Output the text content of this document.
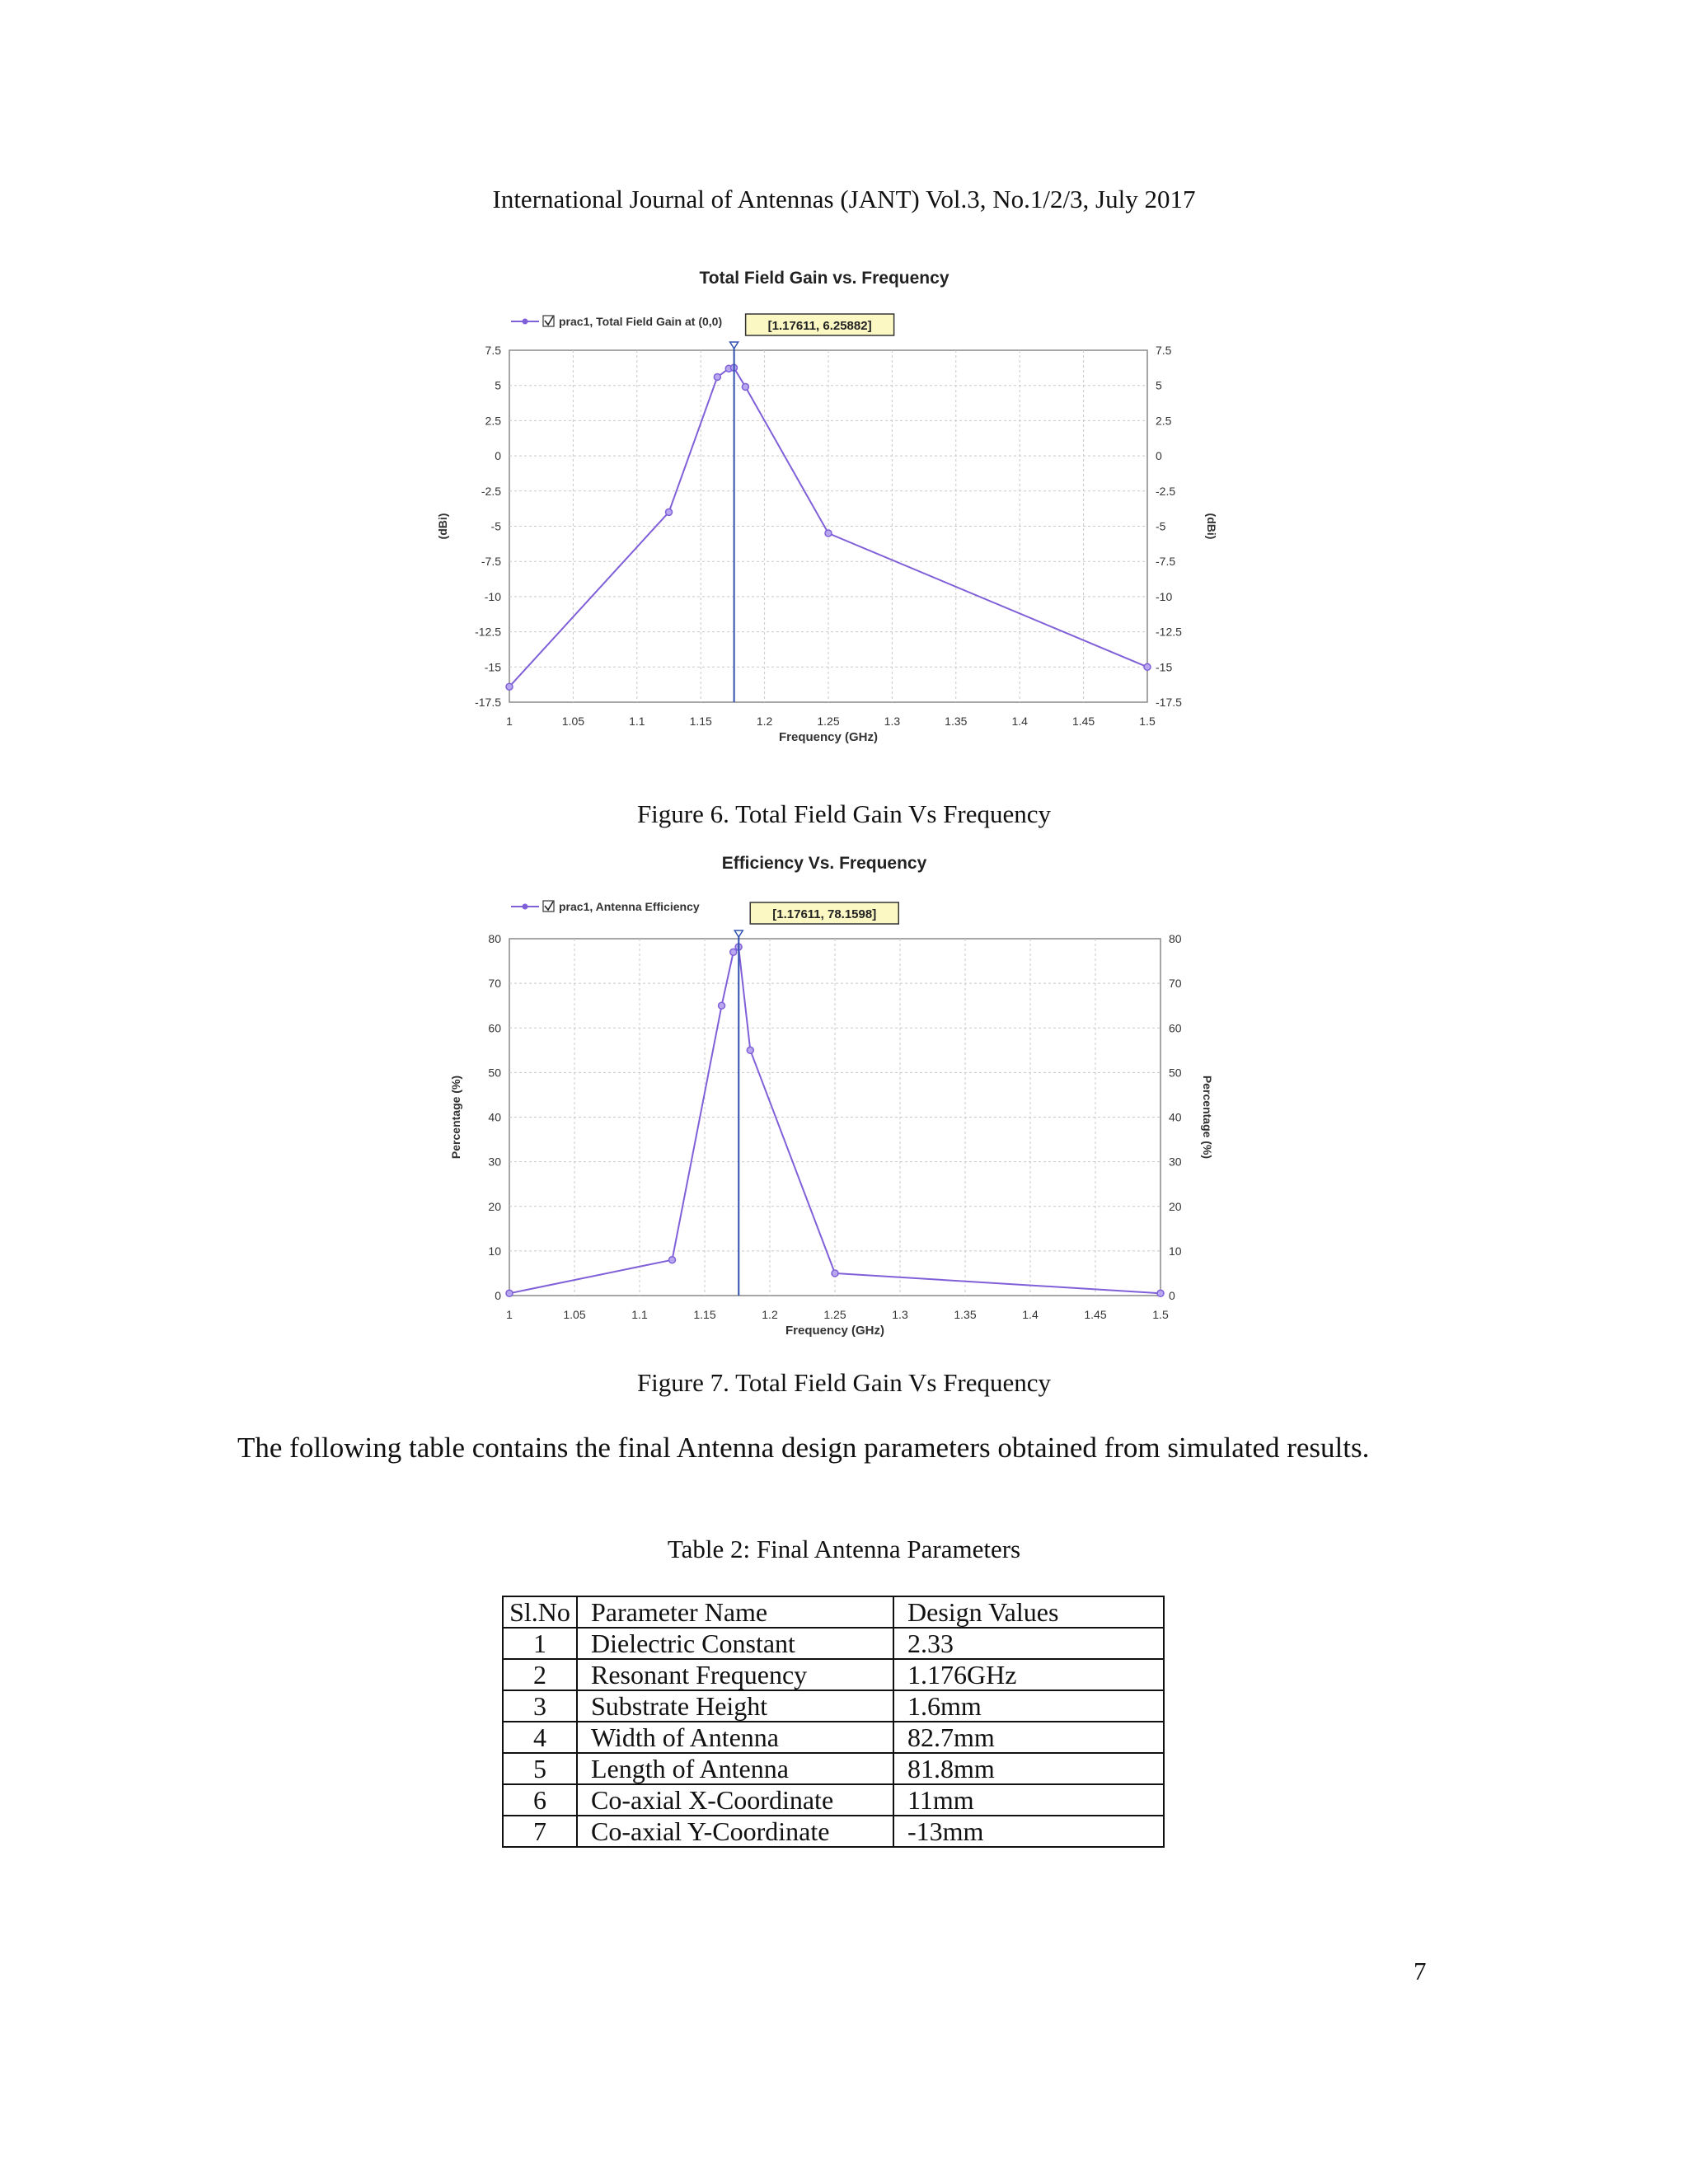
International Journal of Antennas (JANT) Vol.3, No.1/2/3, July 2017
Total Field Gain vs. Frequency
prac1, Total Field Gain at (0,0)
1	1.05	1.1	1.15	1.2	1.25	1.3	1.35	1.4	1.45	1.5
7.5	7.5
5	5
2.5	2.5
0	0
-2.5	-2.5
-5	-5
-7.5	-7.5
-10	-10
-12.5	-12.5
-15	-15
-17.5	-17.5
Frequency (GHz)
(dBi)	(dBi)
[1.17611, 6.25882]
Figure 6. Total Field Gain Vs Frequency
Efficiency Vs. Frequency
prac1, Antenna Efficiency
1	1.05	1.1	1.15	1.2	1.25	1.3	1.35	1.4	1.45	1.5
80	80
70	70
60	60
50	50
40	40
30	30
20	20
10	10
0	0
Frequency (GHz)
Percentage (%)	Percentage (%)
[1.17611, 78.1598]
Figure 7. Total Field Gain Vs Frequency
The following table contains the final Antenna design parameters obtained from simulated results.
Table 2: Final Antenna Parameters
Sl.No	Parameter Name	Design Values
1	Dielectric Constant	2.33
2	Resonant Frequency	1.176GHz
3	Substrate Height	1.6mm
4	Width of Antenna	82.7mm
5	Length of Antenna	81.8mm
6	Co-axial X-Coordinate	11mm
7	Co-axial Y-Coordinate	-13mm
7
